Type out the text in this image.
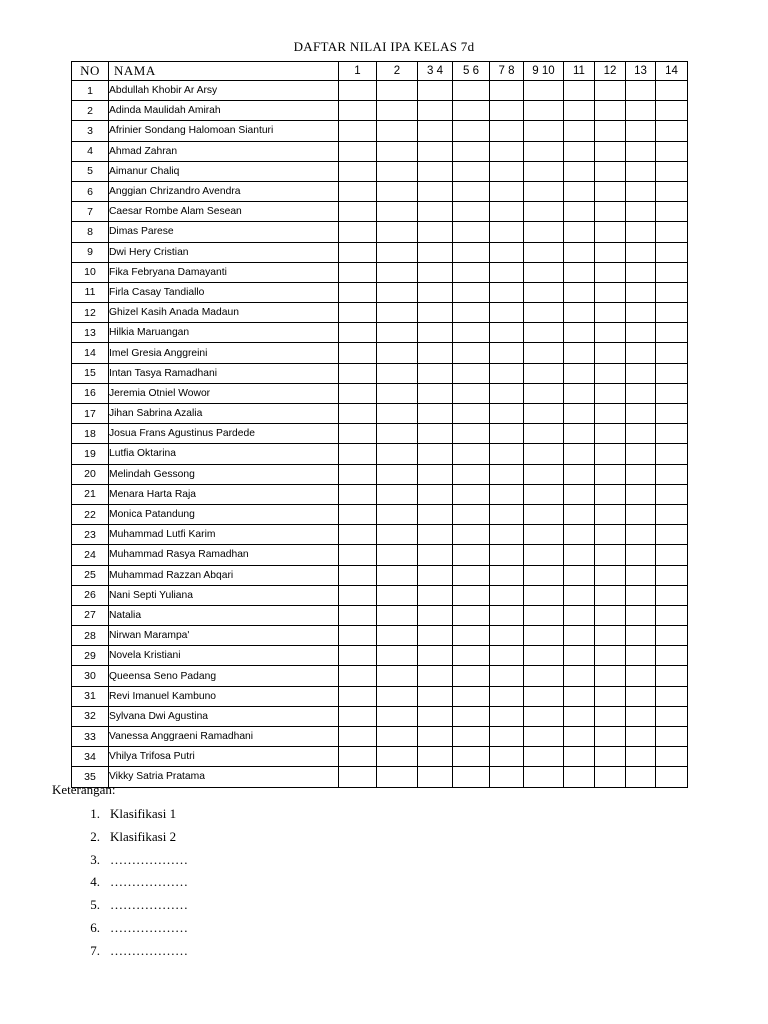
DAFTAR NILAI IPA KELAS 7d
NO	NAMA	1	2	3 4	5 6	7 8	9 10	11	12	13	14
1	Abdullah Khobir Ar Arsy										
2	Adinda Maulidah Amirah										
3	Afrinier Sondang Halomoan Sianturi										
4	Ahmad Zahran										
5	Aimanur Chaliq										
6	Anggian Chrizandro Avendra										
7	Caesar Rombe Alam Sesean										
8	Dimas Parese										
9	Dwi Hery Cristian										
10	Fika Febryana Damayanti										
11	Firla Casay Tandiallo										
12	Ghizel Kasih Anada Madaun										
13	Hilkia Maruangan										
14	Imel Gresia Anggreini										
15	Intan Tasya Ramadhani										
16	Jeremia Otniel Wowor										
17	Jihan Sabrina Azalia										
18	Josua Frans Agustinus Pardede										
19	Lutfia Oktarina										
20	Melindah Gessong										
21	Menara Harta Raja										
22	Monica Patandung										
23	Muhammad Lutfi Karim										
24	Muhammad Rasya Ramadhan										
25	Muhammad Razzan Abqari										
26	Nani Septi Yuliana										
27	Natalia										
28	Nirwan Marampa'										
29	Novela Kristiani										
30	Queensa Seno Padang										
31	Revi Imanuel Kambuno										
32	Sylvana Dwi Agustina										
33	Vanessa Anggraeni Ramadhani										
34	Vhilya Trifosa Putri										
35	Vikky Satria Pratama										
Keterangan:
1. Klasifikasi 1
2. Klasifikasi 2
3. ………………
4. ………………
5. ………………
6. ………………
7. ………………
